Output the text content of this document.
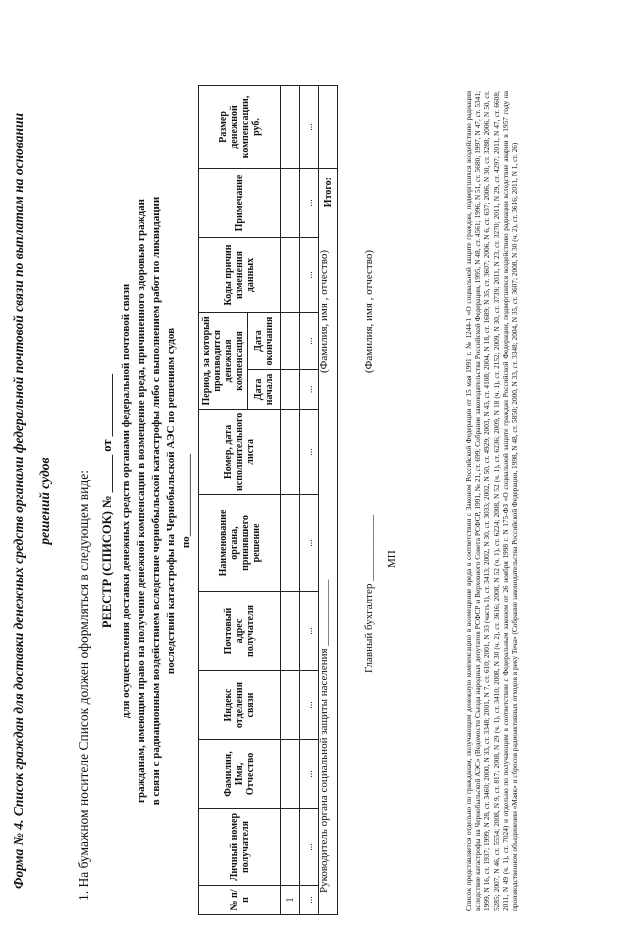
Форма № 4. Список граждан для доставки денежных средств органами федеральной почтовой связи по выплатам на основании решений судов	1. На бумажном носителе Список должен оформляться в следующем виде: РЕЕСТР (СПИСОК) № ______ от __________ для осуществления доставки денежных средств органами федеральной почтовой связи гражданам, имеющим право на получение денежной компенсации в возмещение вреда, причиненного здоровью граждан в связи с радиационным воздействием вследствие чернобыльской катастрофы либо с выполнением работ по ликвидации последствий катастрофы на Чернобыльской АЭС по решениям судов по_______________
№ п/п	Личный номер получателя	Фамилия, Имя, Отчество	Индекс отделения связи	Почтовый адрес получателя	Наименование органа, принявшего решение	Номер, дата исполнительного листа	Период, за который производится денежная компенсация		Коды причин изменения данных	Примечание	Размер денежной компенсации, руб.
							Дата начала	Дата окончания			
1											
...	...	...	...	...	...	...	...	...	...	...	...
Итого:											
Руководитель органа социальной защиты населения ____________
(Фамилия, имя , отчество)
Главный бухгалтер ____________
(Фамилия, имя , отчество)
МП	Список представляется отдельно по гражданам, получающим денежную компенсацию в возмещение вреда в соответствии с Законом Российской Федерации от 15 мая 1991 г. № 1244-1 «О социальной защите граждан, подвергшихся воздействию радиации вследствие катастрофы на Чернобыльской АЭС» (Ведомости Съезда народных депутатов РСФСР и Верховного Совета РСФСР, 1991, № 21, ст. 699; Собрание законодательства Российской Федерации, 1995, N 48, ст. 4561; 1996, N 51, ст. 5680; 1997, N 47, ст. 5341; 1999, N 16, ст. 1937; 1999, N 28, ст. 3460; 2000, N 33, ст. 3348; 2001, N 7, ст. 610; 2001, N 33 (часть I), ст. 3413; 2002, N 30, ст. 3033; 2002, N 50, ст. 4929; 2003, N 43, ст. 4108; 2004, N 18, ст. 1689; N 35, ст. 3607; 2006, N 6, ст. 637; 2006, N 30, ст. 3288; 2006, N 50, ст. 5285; 2007, N 46, ст. 5554; 2008, N 9, ст. 817; 2008, N 29 (ч. 1), ст. 3410; 2008, N 30 (ч. 2), ст. 3616; 2008, N 52 (ч. 1), ст. 6224; 2008, N 52 (ч. 1), ст. 6236; 2009, N 18 (ч. 1), ст. 2152; 2009, N 30, ст. 3739; 2011, N 23, ст. 3270; 2011, N 29, ст. 4297; 2011, N 47, ст. 6608; 2011, N 49 (ч. 1), ст. 7024) и отдельно по получающим в соответствии с Федеральным законом от 26 ноября 1998 г. N 175-ФЗ «О социальной защите граждан Российской Федерации, подвергшихся воздействию радиации вследствие аварии в 1957 году на производственном объединении «Маяк» и сбросов радиоактивных отходов в реку Теча» (Собрание законодательства Российской Федерации, 1998, N 48, ст. 5850; 2000, N 33, ст. 3348; 2004, N 35, ст. 3607; 2008, N 30 (ч. 2), ст. 3616; 2011, N 1, ст. 26)
